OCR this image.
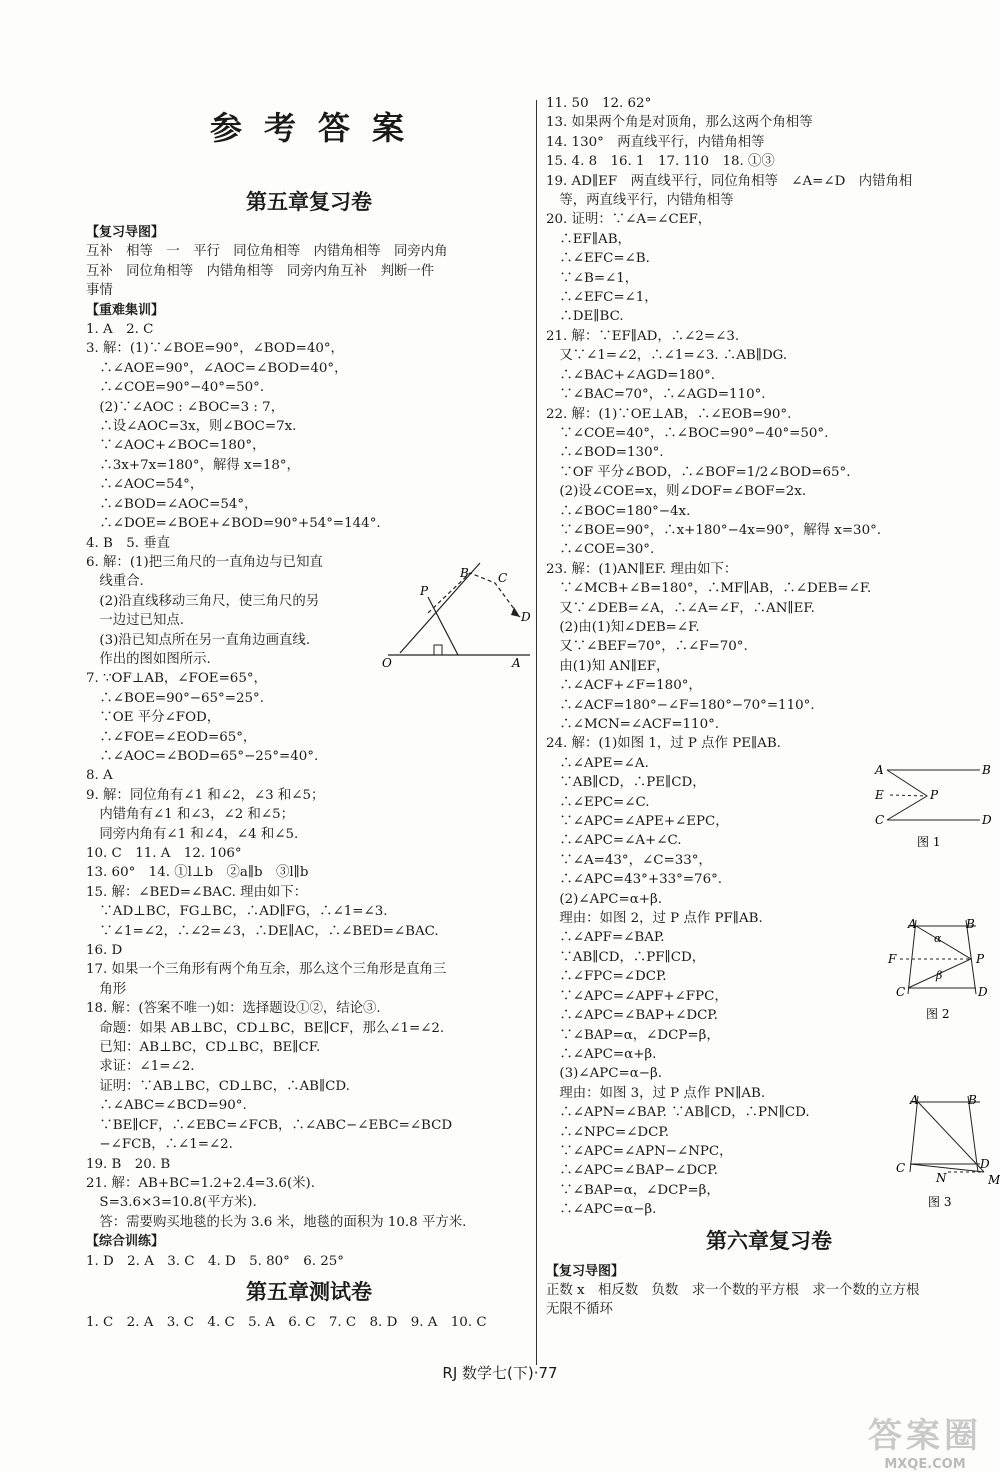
参考答案
第五章复习卷
【复习导图】
互补　相等　一　平行　同位角相等　内错角相等　同旁内角
互补　同位角相等　内错角相等　同旁内角互补　判断一件
事情
【重难集训】
1. A　2. C
3. 解：(1)∵∠BOE=90°，∠BOD=40°，
　∴∠AOE=90°，∠AOC=∠BOD=40°，
　∴∠COE=90°−40°=50°.
　(2)∵∠AOC : ∠BOC=3 : 7，
　∴设∠AOC=3x，则∠BOC=7x.
　∵∠AOC+∠BOC=180°，
　∴3x+7x=180°，解得 x=18°，
　∴∠AOC=54°，
　∴∠BOD=∠AOC=54°，
　∴∠DOE=∠BOE+∠BOD=90°+54°=144°.
4. B　5. 垂直
6. 解：(1)把三角尺的一直角边与已知直
　线重合.
　(2)沿直线移动三角尺，使三角尺的另
　一边过已知点.
　(3)沿已知点所在另一直角边画直线.
　作出的图如图所示.
7. ∵OF⊥AB，∠FOE=65°，
　∴∠BOE=90°−65°=25°.
　∵OE 平分∠FOD，
　∴∠FOE=∠EOD=65°，
　∴∠AOC=∠BOD=65°−25°=40°.
8. A
9. 解：同位角有∠1 和∠2，∠3 和∠5；
　内错角有∠1 和∠3，∠2 和∠5；
　同旁内角有∠1 和∠4，∠4 和∠5.
10. C　11. A　12. 106°
13. 60°　14. ①l⊥b　②a∥b　③l∥b
15. 解：∠BED=∠BAC. 理由如下：
　∵AD⊥BC，FG⊥BC，∴AD∥FG，∴∠1=∠3.
　∵∠1=∠2，∴∠2=∠3，∴DE∥AC，∴∠BED=∠BAC.
16. D
17. 如果一个三角形有两个角互余，那么这个三角形是直角三
　角形
18. 解：(答案不唯一)如：选择题设①②，结论③.
　命题：如果 AB⊥BC，CD⊥BC，BE∥CF，那么∠1=∠2.
　已知：AB⊥BC，CD⊥BC，BE∥CF.
　求证：∠1=∠2.
　证明：∵AB⊥BC，CD⊥BC，∴AB∥CD.
　∴∠ABC=∠BCD=90°.
　∵BE∥CF，∴∠EBC=∠FCB，∴∠ABC−∠EBC=∠BCD
　−∠FCB，∴∠1=∠2.
19. B　20. B
21. 解：AB+BC=1.2+2.4=3.6(米).
　S=3.6×3=10.8(平方米).
　答：需要购买地毯的长为 3.6 米，地毯的面积为 10.8 平方米.
【综合训练】
1. D　2. A　3. C　4. D　5. 80°　6. 25°
第五章测试卷
1. C　2. A　3. C　4. C　5. A　6. C　7. C　8. D　9. A　10. C
11. 50　12. 62°
13. 如果两个角是对顶角，那么这两个角相等
14. 130°　两直线平行，内错角相等
15. 4. 8　16. 1　17. 110　18. ①③
19. AD∥EF　两直线平行，同位角相等　∠A=∠D　内错角相
　等，两直线平行，内错角相等
20. 证明：∵∠A=∠CEF，
　∴EF∥AB，
　∴∠EFC=∠B.
　∵∠B=∠1，
　∴∠EFC=∠1，
　∴DE∥BC.
21. 解：∵EF∥AD，∴∠2=∠3.
　又∵∠1=∠2，∴∠1=∠3. ∴AB∥DG.
　∴∠BAC+∠AGD=180°.
　∵∠BAC=70°，∴∠AGD=110°.
22. 解：(1)∵OE⊥AB，∴∠EOB=90°.
　∵∠COE=40°，∴∠BOC=90°−40°=50°.
　∴∠BOD=130°.
　∵OF 平分∠BOD，∴∠BOF=1/2∠BOD=65°.
　(2)设∠COE=x，则∠DOF=∠BOF=2x.
　∴∠BOC=180°−4x.
　∵∠BOE=90°，∴x+180°−4x=90°，解得 x=30°.
　∴∠COE=30°.
23. 解：(1)AN∥EF. 理由如下：
　∵∠MCB+∠B=180°，∴MF∥AB，∴∠DEB=∠F.
　又∵∠DEB=∠A，∴∠A=∠F，∴AN∥EF.
　(2)由(1)知∠DEB=∠F.
　又∵∠BEF=70°，∴∠F=70°.
　由(1)知 AN∥EF，
　∴∠ACF+∠F=180°，
　∴∠ACF=180°−∠F=180°−70°=110°.
　∴∠MCN=∠ACF=110°.
24. 解：(1)如图 1，过 P 点作 PE∥AB.
　∴∠APE=∠A.
　∵AB∥CD，∴PE∥CD，
　∴∠EPC=∠C.
　∵∠APC=∠APE+∠EPC，
　∴∠APC=∠A+∠C.
　∵∠A=43°，∠C=33°，
　∴∠APC=43°+33°=76°.
　(2)∠APC=α+β.
　理由：如图 2，过 P 点作 PF∥AB.
　∴∠APF=∠BAP.
　∵AB∥CD，∴PF∥CD，
　∴∠FPC=∠DCP.
　∵∠APC=∠APF+∠FPC，
　∴∠APC=∠BAP+∠DCP.
　∵∠BAP=α，∠DCP=β，
　∴∠APC=α+β.
　(3)∠APC=α−β.
　理由：如图 3，过 P 点作 PN∥AB.
　∴∠APN=∠BAP. ∵AB∥CD，∴PN∥CD.
　∴∠NPC=∠DCP.
　∵∠APC=∠APN−∠NPC，
　∴∠APC=∠BAP−∠DCP.
　∵∠BAP=α，∠DCP=β，
　∴∠APC=α−β.
第六章复习卷
【复习导图】
正数 x　相反数　负数　求一个数的平方根　求一个数的立方根
无限不循环
P
B C
D
O	A
A	B
E	P
C	D
图 1
A	B
α
F	P
β
C	D
图 2
A	B
C
N
D
M
图 3
RJ 数学七(下)·77
答案圈
MXQE.COM
